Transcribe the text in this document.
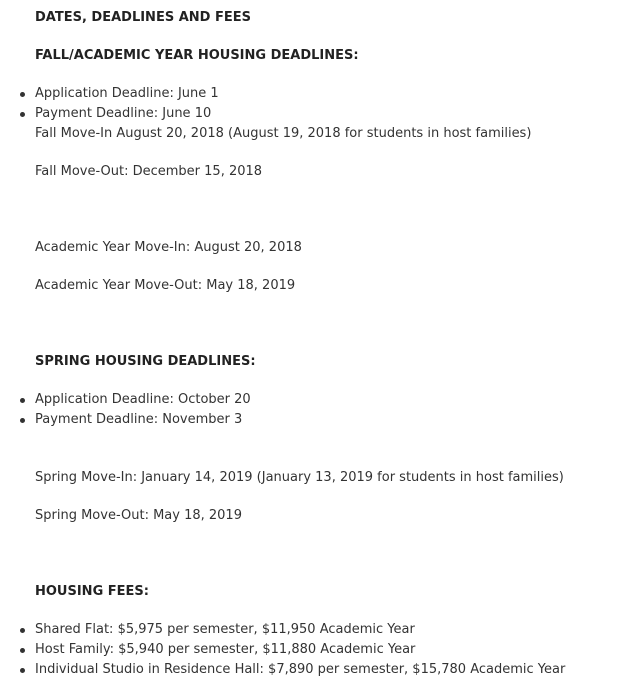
DATES, DEADLINES AND FEES
FALL/ACADEMIC YEAR HOUSING DEADLINES:
Application Deadline: June 1
Payment Deadline: June 10
Fall Move-In August 20, 2018 (August 19, 2018 for students in host families)
Fall Move-Out: December 15, 2018
Academic Year Move-In: August 20, 2018
Academic Year Move-Out: May 18, 2019
SPRING HOUSING DEADLINES:
Application Deadline: October 20
Payment Deadline: November 3
Spring Move-In: January 14, 2019 (January 13, 2019 for students in host families)
Spring Move-Out: May 18, 2019
HOUSING FEES:
Shared Flat: $5,975 per semester, $11,950 Academic Year
Host Family: $5,940 per semester, $11,880 Academic Year
Individual Studio in Residence Hall: $7,890 per semester, $15,780 Academic Year
